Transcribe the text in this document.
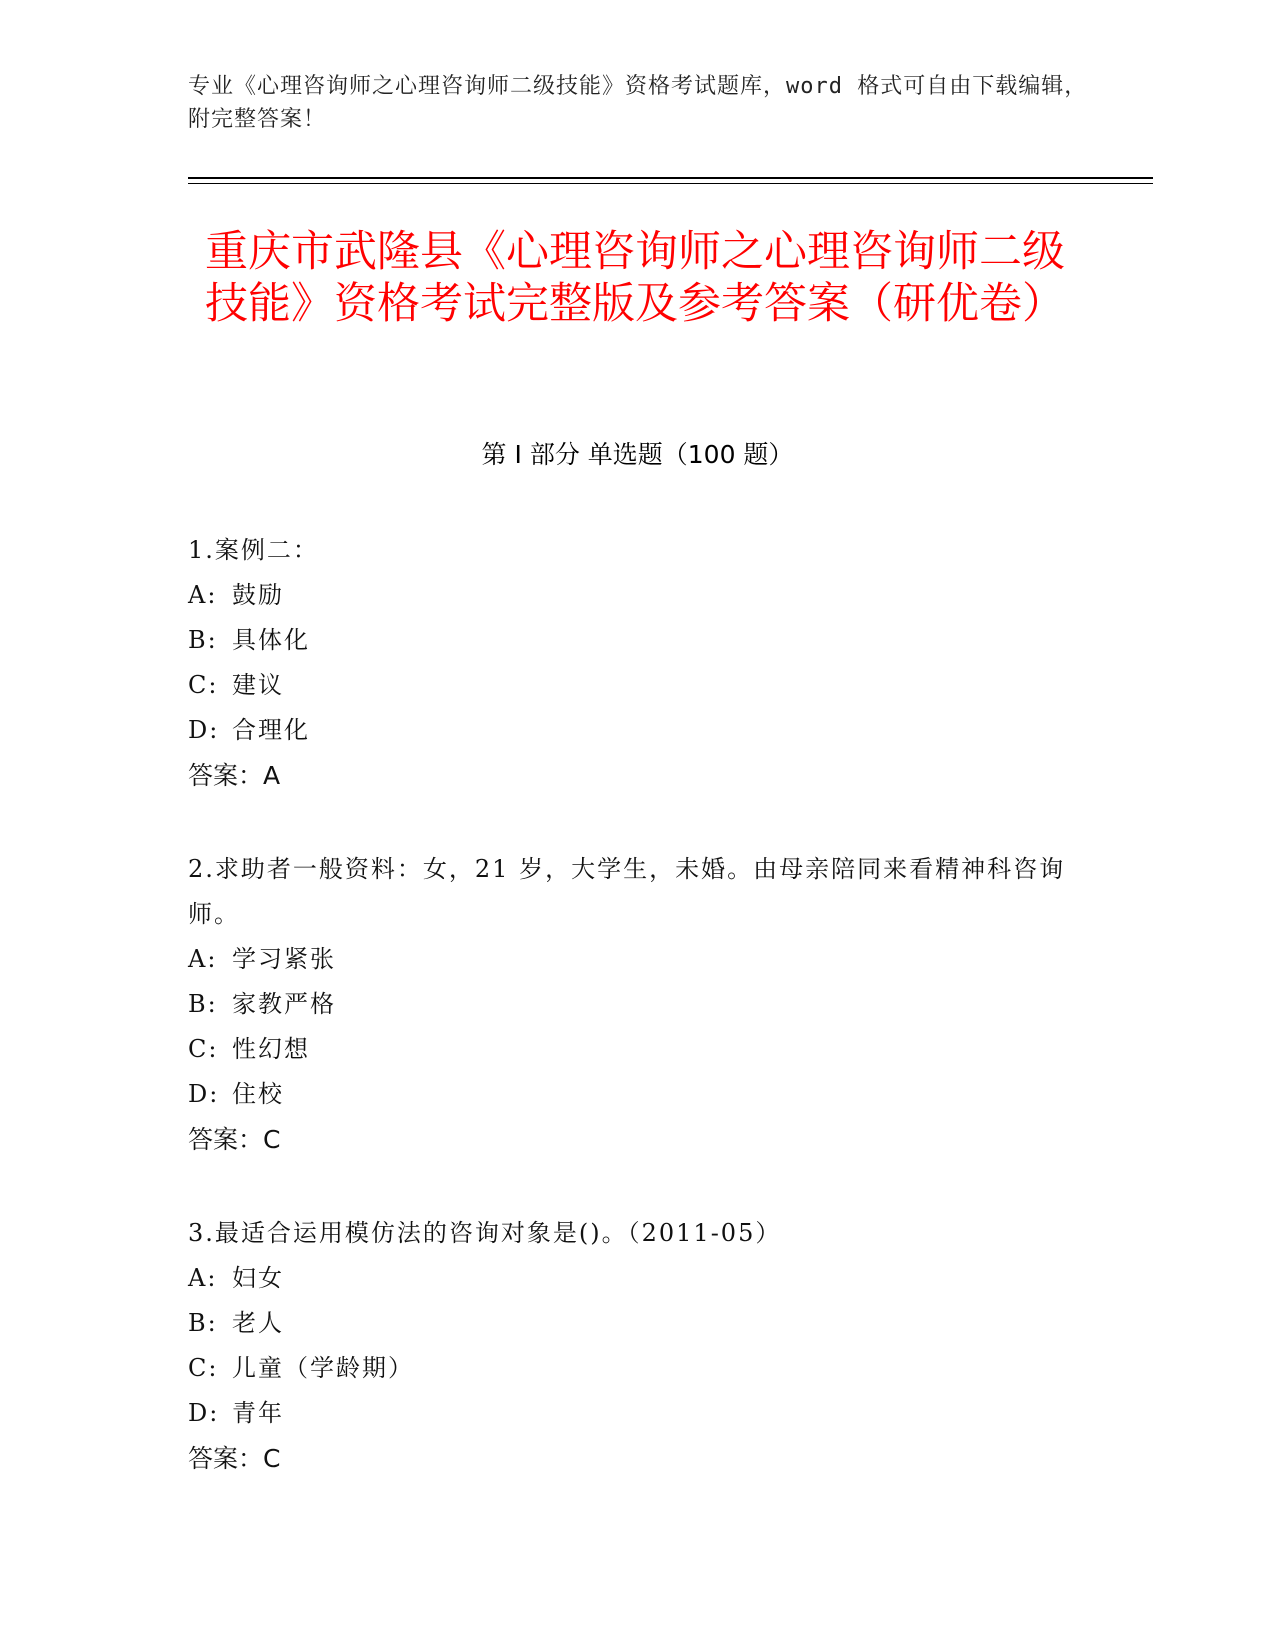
专业《心理咨询师之心理咨询师二级技能》资格考试题库，word 格式可自由下载编辑，附完整答案！
重庆市武隆县《心理咨询师之心理咨询师二级技能》资格考试完整版及参考答案（研优卷）
第 I 部分 单选题（100 题）

1.案例二：

A: 鼓励

B: 具体化

C: 建议

D: 合理化

答案：A

2.求助者一般资料：女，21 岁，大学生，未婚。由母亲陪同来看精神科咨询师。

A: 学习紧张

B: 家教严格

C: 性幻想

D: 住校

答案：C

3.最适合运用模仿法的咨询对象是()。（2011-05）

A: 妇女

B: 老人

C: 儿童（学龄期）

D: 青年

答案：C
